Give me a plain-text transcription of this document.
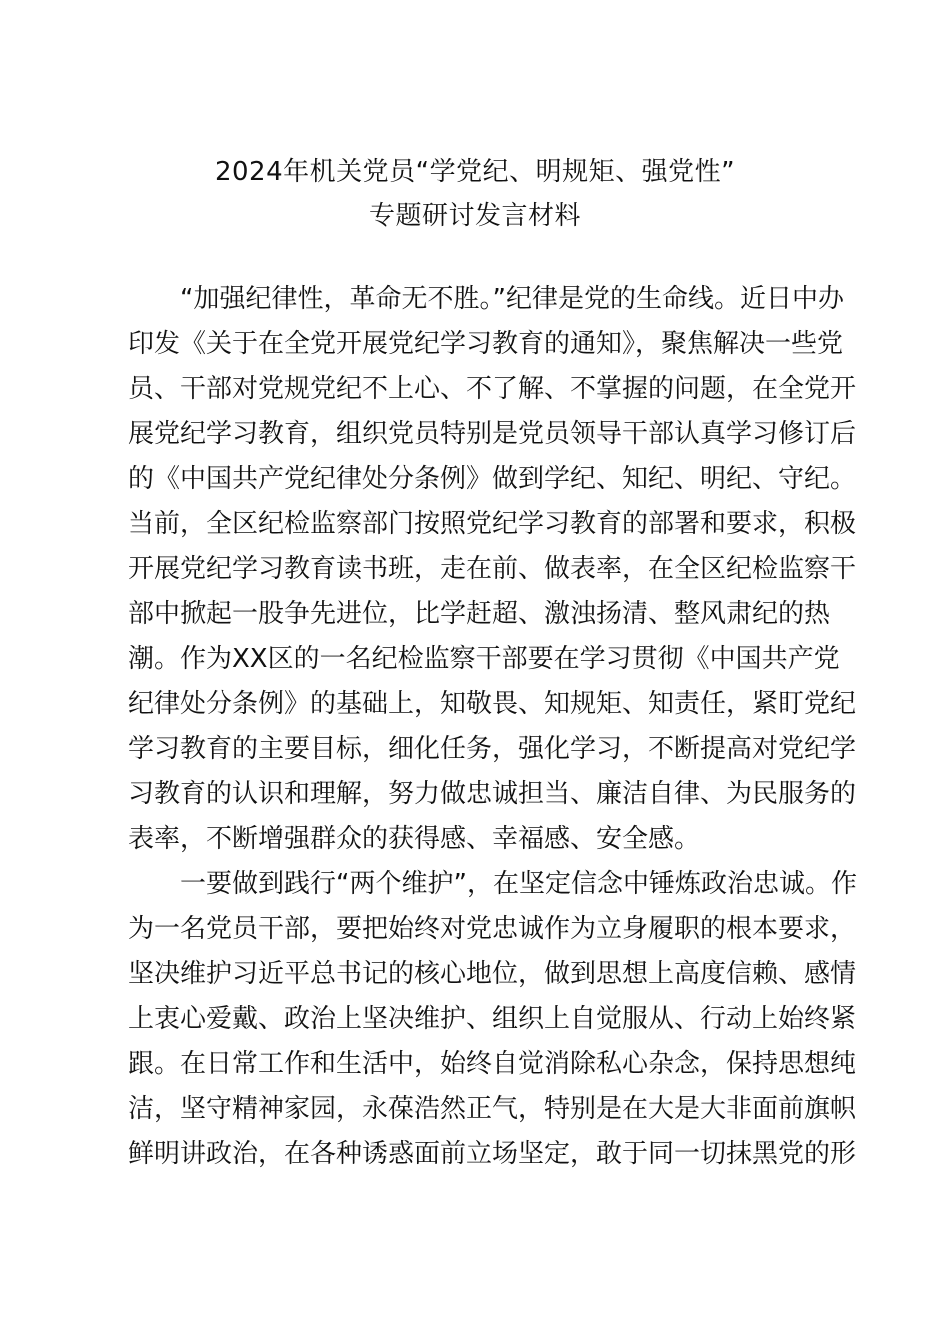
2024年机关党员“学党纪、明规矩、强党性”
专题研讨发言材料
“加强纪律性，革命无不胜。”纪律是党的生命线。近日中办
印发《关于在全党开展党纪学习教育的通知》，聚焦解决一些党
员、干部对党规党纪不上心、不了解、不掌握的问题，在全党开
展党纪学习教育，组织党员特别是党员领导干部认真学习修订后
的《中国共产党纪律处分条例》做到学纪、知纪、明纪、守纪。
当前，全区纪检监察部门按照党纪学习教育的部署和要求，积极
开展党纪学习教育读书班，走在前、做表率，在全区纪检监察干
部中掀起一股争先进位，比学赶超、激浊扬清、整风肃纪的热
潮。作为XX区的一名纪检监察干部要在学习贯彻《中国共产党
纪律处分条例》的基础上，知敬畏、知规矩、知责任，紧盯党纪
学习教育的主要目标，细化任务，强化学习，不断提高对党纪学
习教育的认识和理解，努力做忠诚担当、廉洁自律、为民服务的
表率，不断增强群众的获得感、幸福感、安全感。
一要做到践行“两个维护”，在坚定信念中锤炼政治忠诚。作
为一名党员干部，要把始终对党忠诚作为立身履职的根本要求，
坚决维护习近平总书记的核心地位，做到思想上高度信赖、感情
上衷心爱戴、政治上坚决维护、组织上自觉服从、行动上始终紧
跟。在日常工作和生活中，始终自觉消除私心杂念，保持思想纯
洁，坚守精神家园，永葆浩然正气，特别是在大是大非面前旗帜
鲜明讲政治，在各种诱惑面前立场坚定，敢于同一切抹黑党的形
